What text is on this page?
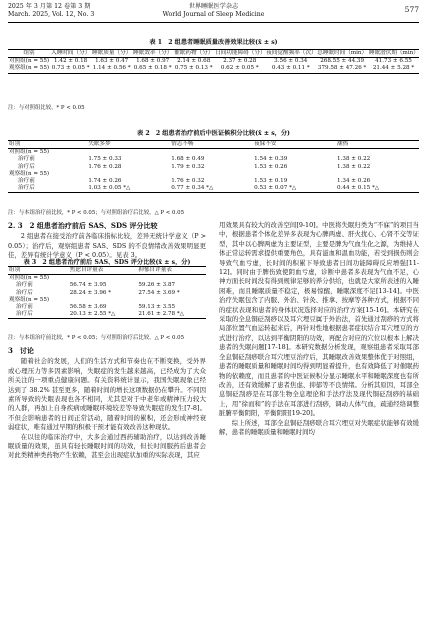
2025 年 3 月第 12 卷第 3 期
March. 2025, Vol. 12, No. 3
世界睡眠医学杂志
World Journal of Sleep Medicine
577
表 1　2 组患者睡眠质量改善效果比较(x̄ ± s)
组别	入睡时间（分）	睡眠质量（分）	睡眠效率（分）	催眠药物（分）	日间功能障碍（分）	夜间觉醒频率（次）	总睡眠时间（min）	睡眠潜伏期（min）
对照组(n = 55)	1.42 ± 0.18	1.63 ± 0.47	1.68 ± 0.97	2.14 ± 0.68	2.37 ± 0.28	3.56 ± 0.34	268.55 ± 44.39	41.73 ± 6.55
观察组(n = 55)	0.73 ± 0.05 *	1.14 ± 0.56 *	0.65 ± 0.18 *	0.75 ± 0.13 *	0.62 ± 0.05 *	0.43 ± 0.11 *	379.58 ± 47.26 *	21.44 ± 5.28 *
注：与对照组比较，* P < 0.05
表 2　2 组患者治疗前后中医证候积分比较(x̄ ± s，分)
组别	失眠多梦	情志不畅	夜寐不安	潮热
对照组(n = 55)				
治疗前	1.75 ± 0.33	1.68 ± 0.49	1.54 ± 0.39	1.38 ± 0.22
治疗后	1.76 ± 0.28	1.79 ± 0.32	1.53 ± 0.26	1.38 ± 0.22
观察组(n = 55)				
治疗前	1.74 ± 0.26	1.76 ± 0.32	1.53 ± 0.19	1.34 ± 0.26
治疗后	1.03 ± 0.05 *△	0.77 ± 0.34 *△	0.53 ± 0.07 *△	0.44 ± 0.15 *△
注：与本组治疗前比较，* P < 0.05；与对照组治疗后比较，△ P < 0.05

2. 3　2 组患者治疗前后 SAS、SDS 评分比较

2 组患者在接受治疗前各临床指标比较，差异无统计学意义（P > 0.05）；治疗后，观察组患者 SAS、SDS 的不良情绪改善效果明显更佳，差异有统计学意义（P < 0.05）。见表 3。

表 3　2 组患者治疗前后 SAS、SDS 评分比较(x̄ ± s，分)
组别	焦虑自评量表	抑郁自评量表
对照组(n = 55)		
治疗前	56.74 ± 3.95	59.26 ± 3.87
治疗后	28.24 ± 3.96 *	27.54 ± 3.69 *
观察组(n = 55)		
治疗前	56.58 ± 3.69	59.13 ± 3.55
治疗后	20.13 ± 2.55 *△	21.61 ± 2.78 *△
注：与本组治疗前比较，* P < 0.05；与对照组治疗后比较，△ P < 0.05

3　讨论

随着社会的发展，人们的生活方式和节奏也在不断变换，受外界或心理压力等多因素影响，失眠症的发生越来越高，已经成为了大众所关注的一项重点健康问题。有关资料统计显示，我国失眠现象已经达到了 38.2% 甚至更多，随着时间的增长这项数据仍在攀升。不同因素所导致的失眠表现也各不相同，尤其是对于中老年或精神压力较大的人群，再加上自身疾病或睡眠环境较差等导致失眠症的发生[7-8]。不但会影响患者的日间正常活动，随着时间的累积，还会形成神经衰弱症状，唯有通过早期的积极干预才能有效改善这种现状。

在以往的临床治疗中，大多会通过西药辅助治疗，以达到改善睡眠质量的效果，虽具有轻长睡眠时间的功效，但长时间服药后患者会对此类精神类药物产生依赖，甚至会出现症状加重的实际表现，其应

用效果具有较大的改善空间[9-10]。中医将失眠归类为“不寐”的项目当中，根据患者个体化差异多表现为心脾两虚、肝火扰心、心肾不交等证型，其中以心脾两虚为主要证型，主要是脾为气血生化之源，为维持人体正常运转需求提供重要角色，具有滋血和温血功能，若受到损伤则会导致气血亏虚，长时间的积累下导致患者日间功能障碍反应增强[11-12]。同时由于脾伤致使阴血亏虚，诊断中患者多表现为气血不足，心神方面长时间没有得到规律足够的养分供给，也就是大家所表述的入睡困难，而且睡眠质量不稳定，极易惊醒，睡眠深度不足[13-14]。中医治疗失眠包含了内服、外治、针灸、推拿、按摩等各种方式，根据不同的症状表现和患者的身体状况选择对应的治疗方案[15-16]。本研究在采取的全息铜砭刮痧以及耳穴埋豆属于外治法，首先通过刮痧的方式将局部位置气血运转起来后，再针对性地根据患者症状结合耳穴埋豆的方式进行治疗，以达到平衡阴阳的功效，再配合对应的穴位以根本上解决患者的失眠问题[17-18]。本研究数据分析发现，观察组患者采取耳部全息铜砭刮痧联合耳穴埋豆治疗后，其睡眠改善效果整体优于对照组，患者的睡眠质量和睡眠时间均得到明显着提升，也有效降低了对催眠药物的依赖度，而且患者的中医证候积分显示睡眠水平和睡眠深度也有所改善，还有效缓解了患者焦虑、抑郁等不良情绪。分析其原因，耳部全息铜砭刮痧是在耳部生物全息理论和手法疗法及现代铜砭刮痧的基础上，用“徐而和”的手法在耳部进行刮痧，调动人体气血，疏通经络调整脏腑平衡阴阳，平衡阴阳[19-20]。

综上所述，耳部全息铜砭刮痧联合耳穴埋豆对失眠症状能够有效缓解，患者的睡眠质量和睡眠时间均
